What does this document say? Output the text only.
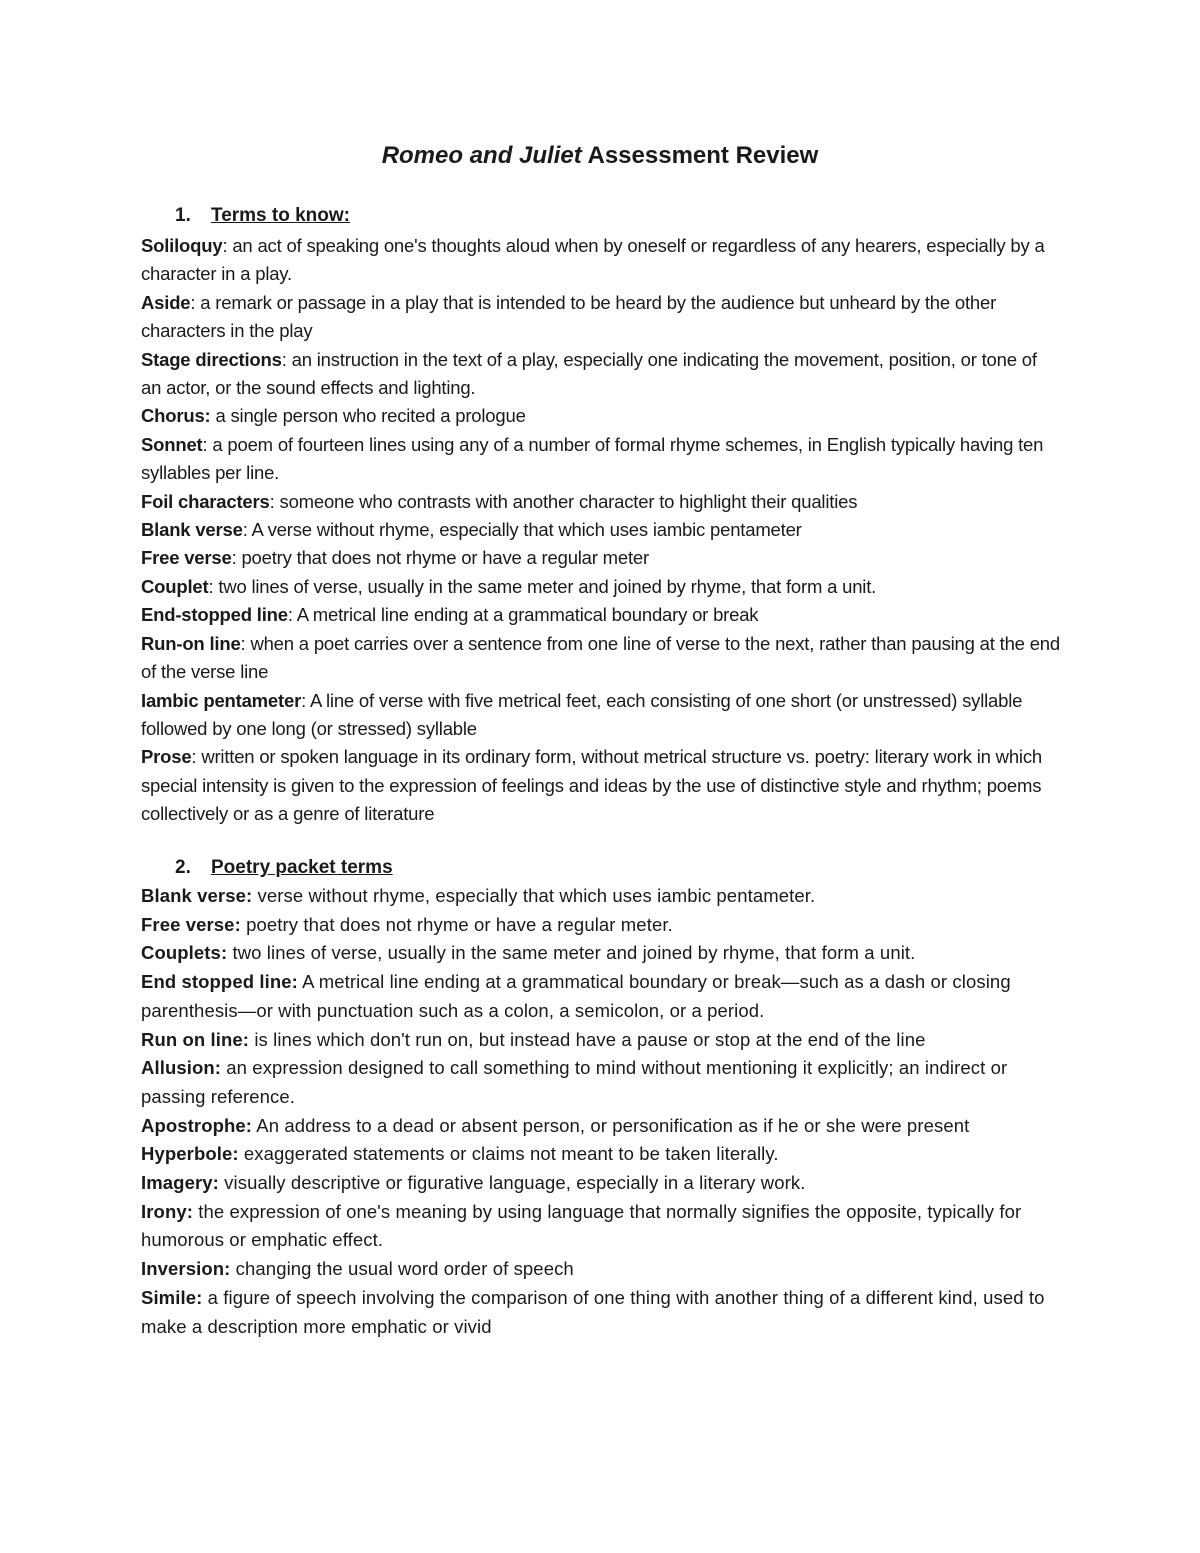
Romeo and Juliet Assessment Review
1. Terms to know:

Soliloquy: an act of speaking one's thoughts aloud when by oneself or regardless of any hearers, especially by a character in a play.

Aside: a remark or passage in a play that is intended to be heard by the audience but unheard by the other characters in the play

Stage directions: an instruction in the text of a play, especially one indicating the movement, position, or tone of an actor, or the sound effects and lighting.

Chorus: a single person who recited a prologue

Sonnet: a poem of fourteen lines using any of a number of formal rhyme schemes, in English typically having ten syllables per line.

Foil characters: someone who contrasts with another character to highlight their qualities

Blank verse: A verse without rhyme, especially that which uses iambic pentameter

Free verse: poetry that does not rhyme or have a regular meter

Couplet: two lines of verse, usually in the same meter and joined by rhyme, that form a unit.

End-stopped line: A metrical line ending at a grammatical boundary or break

Run-on line: when a poet carries over a sentence from one line of verse to the next, rather than pausing at the end of the verse line

Iambic pentameter: A line of verse with five metrical feet, each consisting of one short (or unstressed) syllable followed by one long (or stressed) syllable

Prose: written or spoken language in its ordinary form, without metrical structure vs. poetry: literary work in which special intensity is given to the expression of feelings and ideas by the use of distinctive style and rhythm; poems collectively or as a genre of literature

2. Poetry packet terms

Blank verse: verse without rhyme, especially that which uses iambic pentameter.

Free verse: poetry that does not rhyme or have a regular meter.

Couplets: two lines of verse, usually in the same meter and joined by rhyme, that form a unit.

End stopped line: A metrical line ending at a grammatical boundary or break—such as a dash or closing parenthesis—or with punctuation such as a colon, a semicolon, or a period.

Run on line: is lines which don't run on, but instead have a pause or stop at the end of the line

Allusion: an expression designed to call something to mind without mentioning it explicitly; an indirect or passing reference.

Apostrophe: An address to a dead or absent person, or personification as if he or she were present

Hyperbole: exaggerated statements or claims not meant to be taken literally.

Imagery: visually descriptive or figurative language, especially in a literary work.

Irony: the expression of one's meaning by using language that normally signifies the opposite, typically for humorous or emphatic effect.

Inversion: changing the usual word order of speech

Simile: a figure of speech involving the comparison of one thing with another thing of a different kind, used to make a description more emphatic or vivid
